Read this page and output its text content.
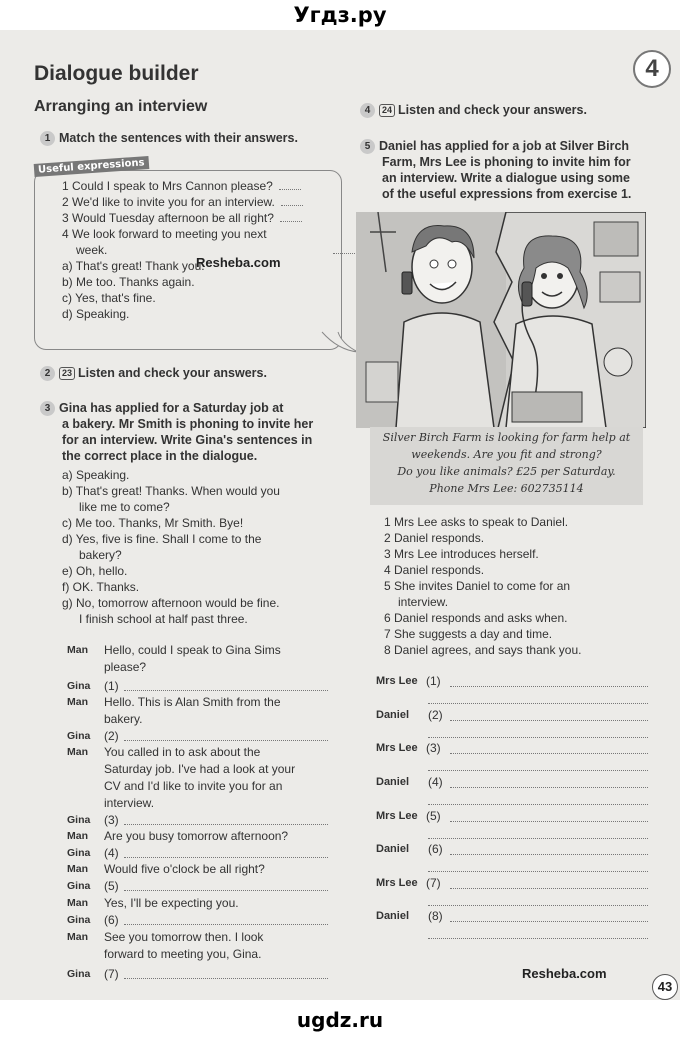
Угдз.ру
4
Dialogue builder
Arranging an interview
1 Match the sentences with their answers.
Useful expressions
1 Could I speak to Mrs Cannon please?
2 We'd like to invite you for an interview.
3 Would Tuesday afternoon be all right?
4 We look forward to meeting you next
week.
a) That's great! Thank you.
b) Me too. Thanks again.
c) Yes, that's fine.
d) Speaking.
Resheba.com
2 23 Listen and check your answers.
3 Gina has applied for a Saturday job at
a bakery. Mr Smith is phoning to invite her
for an interview. Write Gina's sentences in
the correct place in the dialogue.
a) Speaking.
b) That's great! Thanks. When would you
like me to come?
c) Me too. Thanks, Mr Smith. Bye!
d) Yes, five is fine. Shall I come to the
bakery?
e) Oh, hello.
f) OK. Thanks.
g) No, tomorrow afternoon would be fine.
I finish school at half past three.
Man	Hello, could I speak to Gina Sims
please?
Gina	(1)
Man	Hello. This is Alan Smith from the
bakery.
Gina	(2)
Man	You called in to ask about the
Saturday job. I've had a look at your
CV and I'd like to invite you for an
interview.
Gina	(3)
Man	Are you busy tomorrow afternoon?
Gina	(4)
Man	Would five o'clock be all right?
Gina	(5)
Man	Yes, I'll be expecting you.
Gina	(6)
Man	See you tomorrow then. I look
forward to meeting you, Gina.
Gina	(7)
4 24 Listen and check your answers.
5 Daniel has applied for a job at Silver Birch
Farm, Mrs Lee is phoning to invite him for
an interview. Write a dialogue using some
of the useful expressions from exercise 1.
Silver Birch Farm is looking for farm help at
weekends. Are you fit and strong?
Do you like animals? £25 per Saturday.
Phone Mrs Lee: 602735114
1 Mrs Lee asks to speak to Daniel.
2 Daniel responds.
3 Mrs Lee introduces herself.
4 Daniel responds.
5 She invites Daniel to come for an
interview.
6 Daniel responds and asks when.
7 She suggests a day and time.
8 Daniel agrees, and says thank you.
Mrs Lee (1)
Daniel (2)
Mrs Lee (3)
Daniel (4)
Mrs Lee (5)
Daniel (6)
Mrs Lee (7)
Daniel (8)
Resheba.com
43
ugdz.ru
